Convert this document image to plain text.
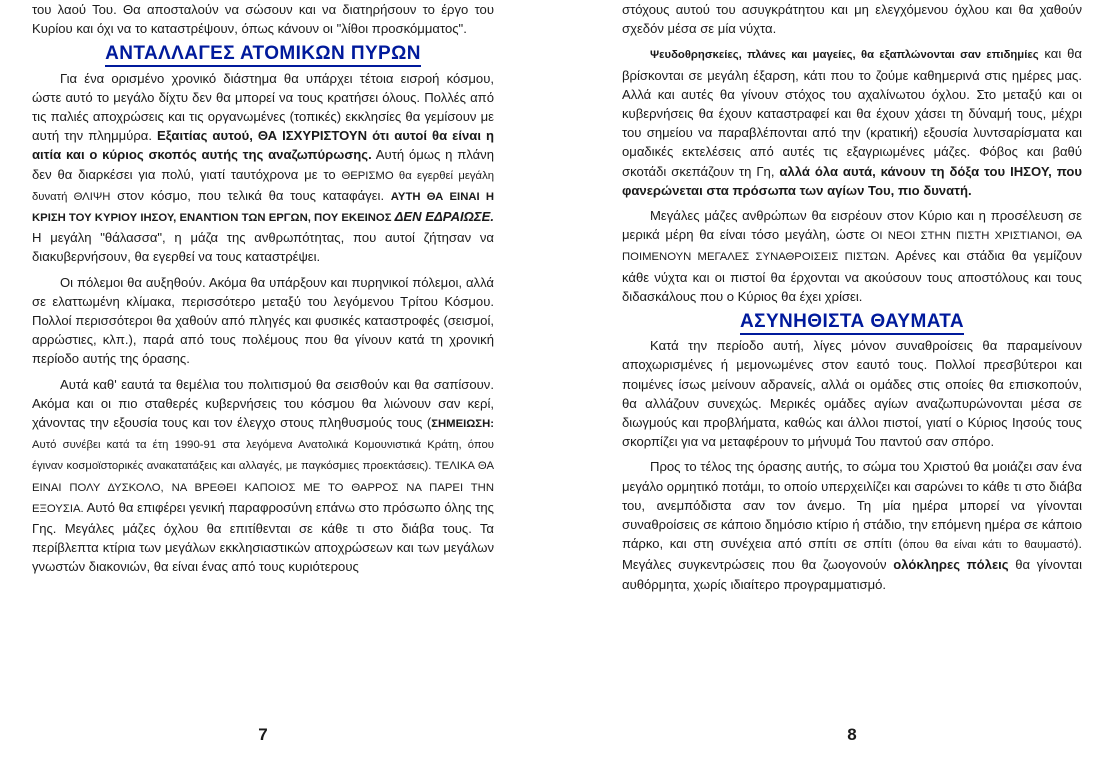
του λαού Του. Θα αποσταλούν να σώσουν και να διατηρήσουν το έργο του Κυρίου και όχι να το καταστρέψουν, όπως κάνουν οι "λίθοι προσκόμματος".

ΑΝΤΑΛΛΑΓΕΣ ΑΤΟΜΙΚΩΝ ΠΥΡΩΝ

Για ένα ορισμένο χρονικό διάστημα θα υπάρχει τέτοια εισροή κόσμου, ώστε αυτό το μεγάλο δίχτυ δεν θα μπορεί να τους κρατήσει όλους. Πολλές από τις παλιές αποχρώσεις και τις οργανωμένες (τοπικές) εκκλησίες θα γεμίσουν με αυτή την πλημμύρα. Εξαιτίας αυτού, ΘΑ ΙΣΧΥΡΙΣΤΟΥΝ ότι αυτοί θα είναι η αιτία και ο κύριος σκοπός αυτής της αναζωπύρωσης. Αυτή όμως η πλάνη δεν θα διαρκέσει για πολύ, γιατί ταυτόχρονα με το ΘΕΡΙΣΜΟ θα εγερθεί μεγάλη δυνατή ΘΛΙΨΗ στον κόσμο, που τελικά θα τους καταφάγει. ΑΥΤΗ ΘΑ ΕΙΝΑΙ Η ΚΡΙΣΗ ΤΟΥ ΚΥΡΙΟΥ ΙΗΣΟΥ, ΕΝΑΝΤΙΟΝ ΤΩΝ ΕΡΓΩΝ, ΠΟΥ ΕΚΕΙΝΟΣ ΔΕΝ ΕΔΡΑΙΩΣΕ. Η μεγάλη "θάλασσα", η μάζα της ανθρωπότητας, που αυτοί ζήτησαν να διακυβερνήσουν, θα εγερθεί να τους καταστρέψει.

Οι πόλεμοι θα αυξηθούν. Ακόμα θα υπάρξουν και πυρηνικοί πόλεμοι, αλλά σε ελαττωμένη κλίμακα, περισσότερο μεταξύ του λεγόμενου Τρίτου Κόσμου. Πολλοί περισσότεροι θα χαθούν από πληγές και φυσικές καταστροφές (σεισμοί, αρρώστιες, κλπ.), παρά από τους πολέμους που θα γίνουν κατά τη χρονική περίοδο αυτής της όρασης.

Αυτά καθ' εαυτά τα θεμέλια του πολιτισμού θα σεισθούν και θα σαπίσουν. Ακόμα και οι πιο σταθερές κυβερνήσεις του κόσμου θα λιώνουν σαν κερί, χάνοντας την εξουσία τους και τον έλεγχο στους πληθυσμούς τους (ΣΗΜΕΙΩΣΗ: Αυτό συνέβει κατά τα έτη 1990-91 στα λεγόμενα Ανατολικά Κομουνιστικά Κράτη, όπου έγιναν κοσμοϊστορικές ανακατατάξεις και αλλαγές, με παγκόσμιες προεκτάσεις). ΤΕΛΙΚΑ ΘΑ ΕΙΝΑΙ ΠΟΛΥ ΔΥΣΚΟΛΟ, ΝΑ ΒΡΕΘΕΙ ΚΑΠΟΙΟΣ ΜΕ ΤΟ ΘΑΡΡΟΣ ΝΑ ΠΑΡΕΙ ΤΗΝ ΕΞΟΥΣΙΑ. Αυτό θα επιφέρει γενική παραφροσύνη επάνω στο πρόσωπο όλης της Γης. Μεγάλες μάζες όχλου θα επιτίθενται σε κάθε τι στο διάβα τους. Τα περίβλεπτα κτίρια των μεγάλων εκκλησιαστικών αποχρώσεων και των μεγάλων γνωστών διακονιών, θα είναι ένας από τους κυριότερους

7

στόχους αυτού του ασυγκράτητου και μη ελεγχόμενου όχλου και θα χαθούν σχεδόν μέσα σε μία νύχτα.

Ψευδοθρησκείες, πλάνες και μαγείες, θα εξαπλώνονται σαν επιδημίες και θα βρίσκονται σε μεγάλη έξαρση, κάτι που το ζούμε καθημερινά στις ημέρες μας. Αλλά και αυτές θα γίνουν στόχος του αχαλίνωτου όχλου. Στο μεταξύ και οι κυβερνήσεις θα έχουν καταστραφεί και θα έχουν χάσει τη δύναμή τους, μέχρι του σημείου να παραβλέπονται από την (κρατική) εξουσία λυντσαρίσματα και ομαδικές εκτελέσεις από αυτές τις εξαγριωμένες μάζες. Φόβος και βαθύ σκοτάδι σκεπάζουν τη Γη, αλλά όλα αυτά, κάνουν τη δόξα του ΙΗΣΟΥ, που φανερώνεται στα πρόσωπα των αγίων Του, πιο δυνατή.

Μεγάλες μάζες ανθρώπων θα εισρέουν στον Κύριο και η προσέλευση σε μερικά μέρη θα είναι τόσο μεγάλη, ώστε ΟΙ ΝΕΟΙ ΣΤΗΝ ΠΙΣΤΗ ΧΡΙΣΤΙΑΝΟΙ, ΘΑ ΠΟΙΜΕΝΟΥΝ ΜΕΓΑΛΕΣ ΣΥΝΑΘΡΟΙΣΕΙΣ ΠΙΣΤΩΝ. Αρένες και στάδια θα γεμίζουν κάθε νύχτα και οι πιστοί θα έρχονται να ακούσουν τους αποστόλους και τους διδασκάλους που ο Κύριος θα έχει χρίσει.

ΑΣΥΝΗΘΙΣΤΑ ΘΑΥΜΑΤΑ

Κατά την περίοδο αυτή, λίγες μόνον συναθροίσεις θα παραμείνουν αποχωρισμένες ή μεμονωμένες στον εαυτό τους. Πολλοί πρεσβύτεροι και ποιμένες ίσως μείνουν αδρανείς, αλλά οι ομάδες στις οποίες θα επισκοπούν, θα αλλάζουν συνεχώς. Μερικές ομάδες αγίων αναζωπυρώνονται μέσα σε διωγμούς και προβλήματα, καθώς και άλλοι πιστοί, γιατί ο Κύριος Ιησούς τους σκορπίζει για να μεταφέρουν το μήνυμά Του παντού σαν σπόρο.

Προς το τέλος της όρασης αυτής, το σώμα του Χριστού θα μοιάζει σαν ένα μεγάλο ορμητικό ποτάμι, το οποίο υπερχειλίζει και σαρώνει το κάθε τι στο διάβα του, ανεμπόδιστα σαν τον άνεμο. Τη μία ημέρα μπορεί να γίνονται συναθροίσεις σε κάποιο δημόσιο κτίριο ή στάδιο, την επόμενη ημέρα σε κάποιο πάρκο, και στη συνέχεια από σπίτι σε σπίτι (όπου θα είναι κάτι το θαυμαστό). Μεγάλες συγκεντρώσεις που θα ζωογονούν ολόκληρες πόλεις θα γίνονται αυθόρμητα, χωρίς ιδιαίτερο προγραμματισμό.

8
